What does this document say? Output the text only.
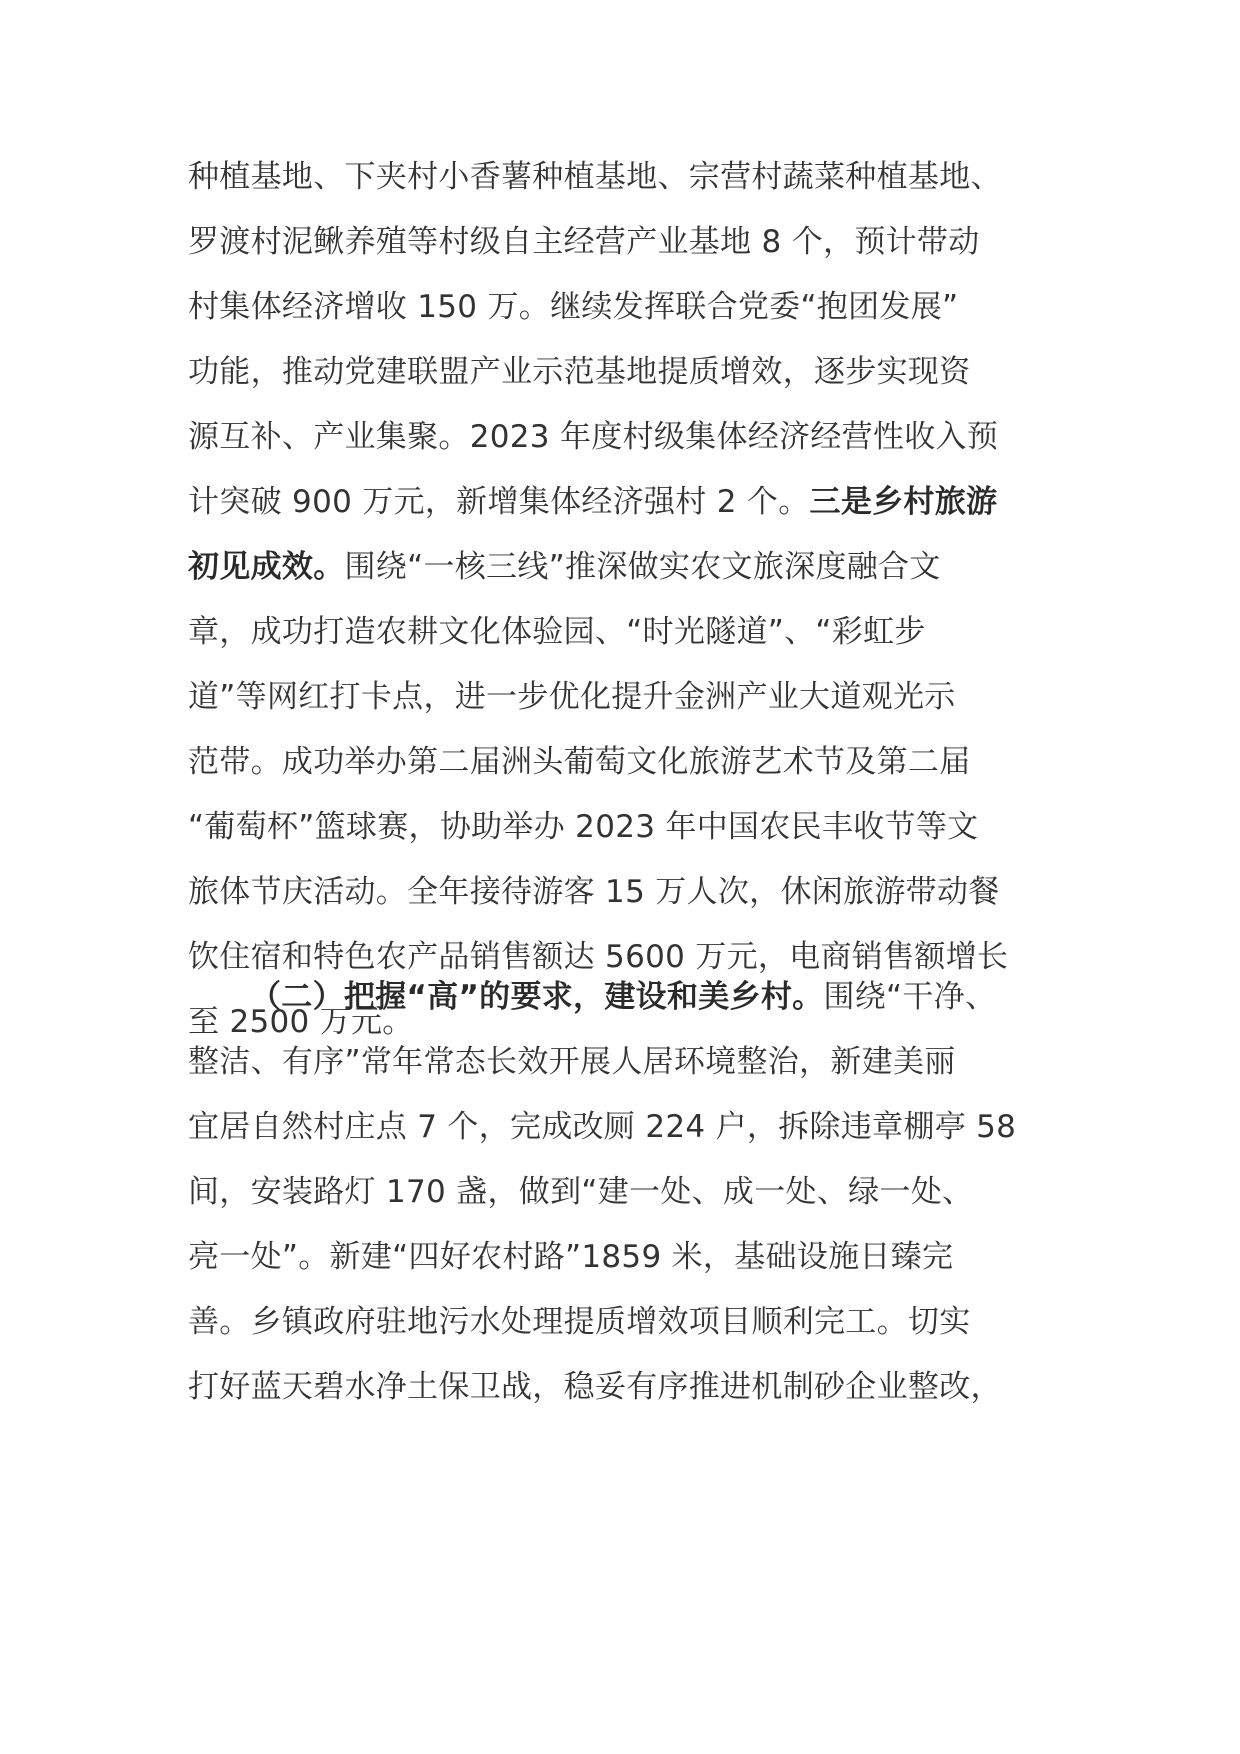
种植基地、下夹村小香薯种植基地、宗营村蔬菜种植基地、
罗渡村泥鳅养殖等村级自主经营产业基地 8 个，预计带动
村集体经济增收 150 万。继续发挥联合党委“抱团发展”
功能，推动党建联盟产业示范基地提质增效，逐步实现资
源互补、产业集聚。2023 年度村级集体经济经营性收入预
计突破 900 万元，新增集体经济强村 2 个。三是乡村旅游
初见成效。围绕“一核三线”推深做实农文旅深度融合文
章，成功打造农耕文化体验园、“时光隧道”、“彩虹步
道”等网红打卡点，进一步优化提升金洲产业大道观光示
范带。成功举办第二届洲头葡萄文化旅游艺术节及第二届
“葡萄杯”篮球赛，协助举办 2023 年中国农民丰收节等文
旅体节庆活动。全年接待游客 15 万人次，休闲旅游带动餐
饮住宿和特色农产品销售额达 5600 万元，电商销售额增长
至 2500 万元。
（二）把握“高”的要求，建设和美乡村。围绕“干净、
整洁、有序”常年常态长效开展人居环境整治，新建美丽
宜居自然村庄点 7 个，完成改厕 224 户，拆除违章棚亭 58
间，安装路灯 170 盏，做到“建一处、成一处、绿一处、
亮一处”。新建“四好农村路”1859 米，基础设施日臻完
善。乡镇政府驻地污水处理提质增效项目顺利完工。切实
打好蓝天碧水净土保卫战，稳妥有序推进机制砂企业整改，
